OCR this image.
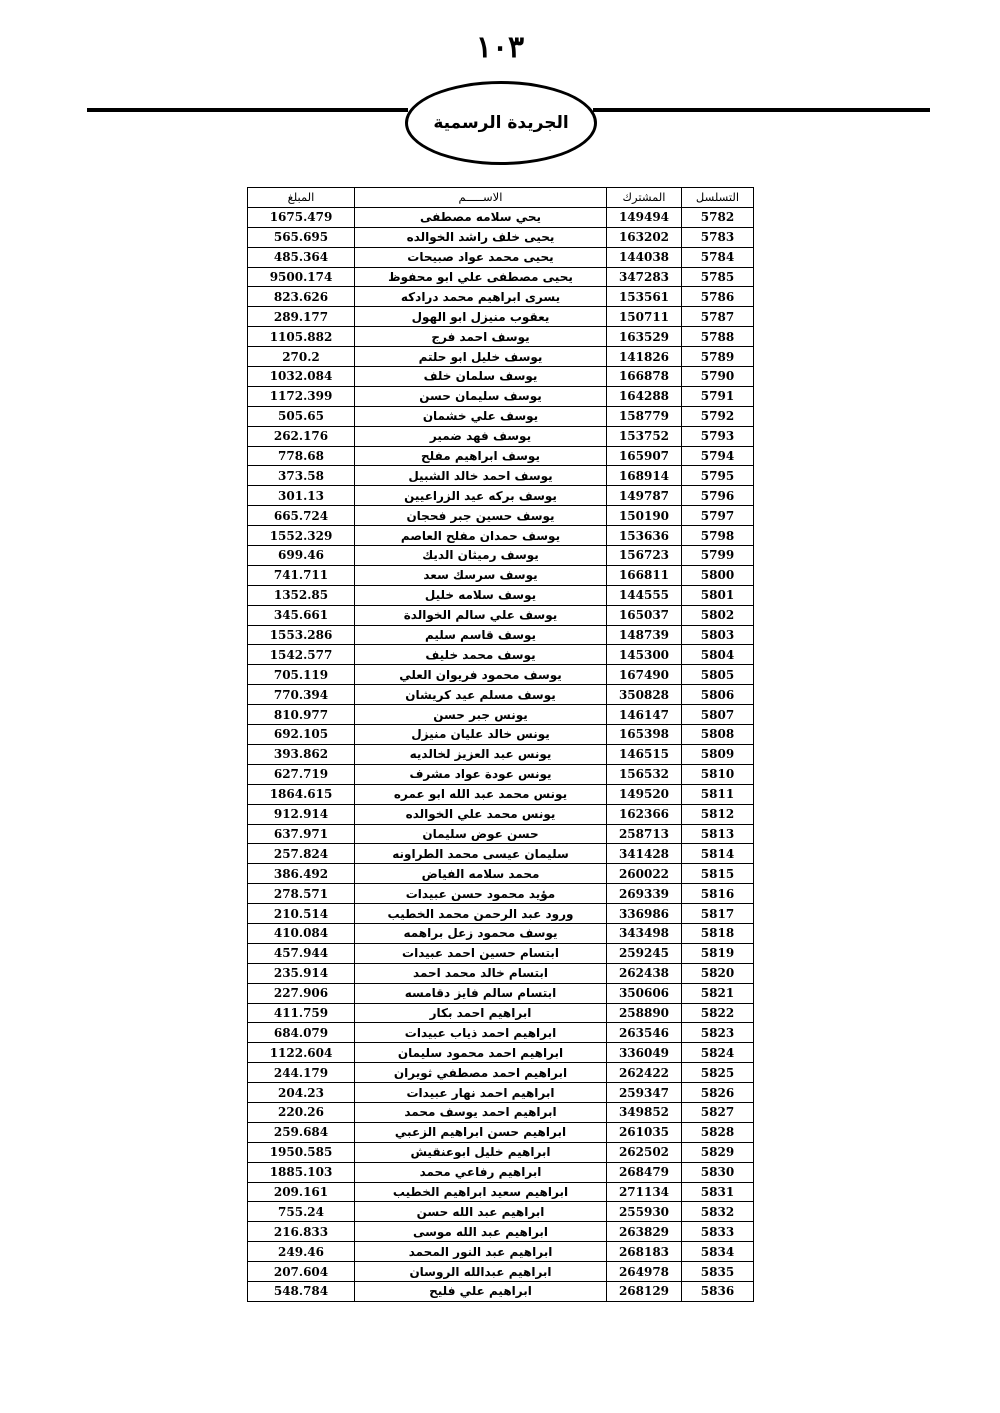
١٠٣
الجريدة الرسمية
التسلسل	المشترك	الاســـــم	المبلغ
5782	149494	يحي سلامه مصطفى	1675.479
5783	163202	يحيى خلف راشد الخوالده	565.695
5784	144038	يحيى محمد عواد صبيحات	485.364
5785	347283	يحيى مصطفى علي ابو محفوظ	9500.174
5786	153561	يسرى ابراهيم محمد درادكه	823.626
5787	150711	يعقوب منيزل ابو الهول	289.177
5788	163529	يوسف احمد فرج	1105.882
5789	141826	يوسف خليل ابو حلتم	270.2
5790	166878	يوسف سلمان خلف	1032.084
5791	164288	يوسف سليمان حسن	1172.399
5792	158779	يوسف علي خشمان	505.65
5793	153752	يوسف فهد ضمير	262.176
5794	165907	يوسف ابراهيم مفلح	778.68
5795	168914	يوسف احمد خالد الشبيل	373.58
5796	149787	يوسف بركه عيد الزراعيين	301.13
5797	150190	يوسف حسين جبر فحجان	665.724
5798	153636	يوسف حمدان مفلح العاصم	1552.329
5799	156723	يوسف رميثان الديك	699.46
5800	166811	يوسف سرسك سعد	741.711
5801	144555	يوسف سلامه خليل	1352.85
5802	165037	يوسف علي سالم الخوالدة	345.661
5803	148739	يوسف قاسم سليم	1553.286
5804	145300	يوسف محمد خليف	1542.577
5805	167490	يوسف محمود فريوان العلي	705.119
5806	350828	يوسف مسلم عيد كريشان	770.394
5807	146147	يونس جبر حسن	810.977
5808	165398	يونس خالد عليان منيزل	692.105
5809	146515	يونس عبد العزيز لخالديه	393.862
5810	156532	يونس عودة عواد مشرف	627.719
5811	149520	يونس محمد عبد الله ابو عمره	1864.615
5812	162366	يونس محمد علي الخوالده	912.914
5813	258713	حسن عوض سليمان	637.971
5814	341428	سليمان عيسى محمد الطراونه	257.824
5815	260022	محمد سلامه الفياض	386.492
5816	269339	مؤيد محمود حسن عبيدات	278.571
5817	336986	ورود عبد الرحمن محمد الخطيب	210.514
5818	343498	يوسف محمود زعل براهمه	410.084
5819	259245	ابتسام حسين احمد عبيدات	457.944
5820	262438	ابتسام خالد محمد احمد	235.914
5821	350606	ابتسام سالم فايز دقامسه	227.906
5822	258890	ابراهيم احمد بكار	411.759
5823	263546	ابراهيم احمد ذياب عبيدات	684.079
5824	336049	ابراهيم احمد محمود سليمان	1122.604
5825	262422	ابراهيم احمد مصطفي ثويران	244.179
5826	259347	ابراهيم احمد نهار عبيدات	204.23
5827	349852	ابراهيم احمد يوسف محمد	220.26
5828	261035	ابراهيم حسن ابراهيم الزعبي	259.684
5829	262502	ابراهيم خليل ابوعنقيش	1950.585
5830	268479	ابراهيم رفاعي محمد	1885.103
5831	271134	ابراهيم سعيد ابراهيم الخطيب	209.161
5832	255930	ابراهيم عبد الله حسن	755.24
5833	263829	ابراهيم عبد الله موسى	216.833
5834	268183	ابراهيم عبد النور المحمد	249.46
5835	264978	ابراهيم عبدالله الروسان	207.604
5836	268129	ابراهيم علي فليح	548.784
